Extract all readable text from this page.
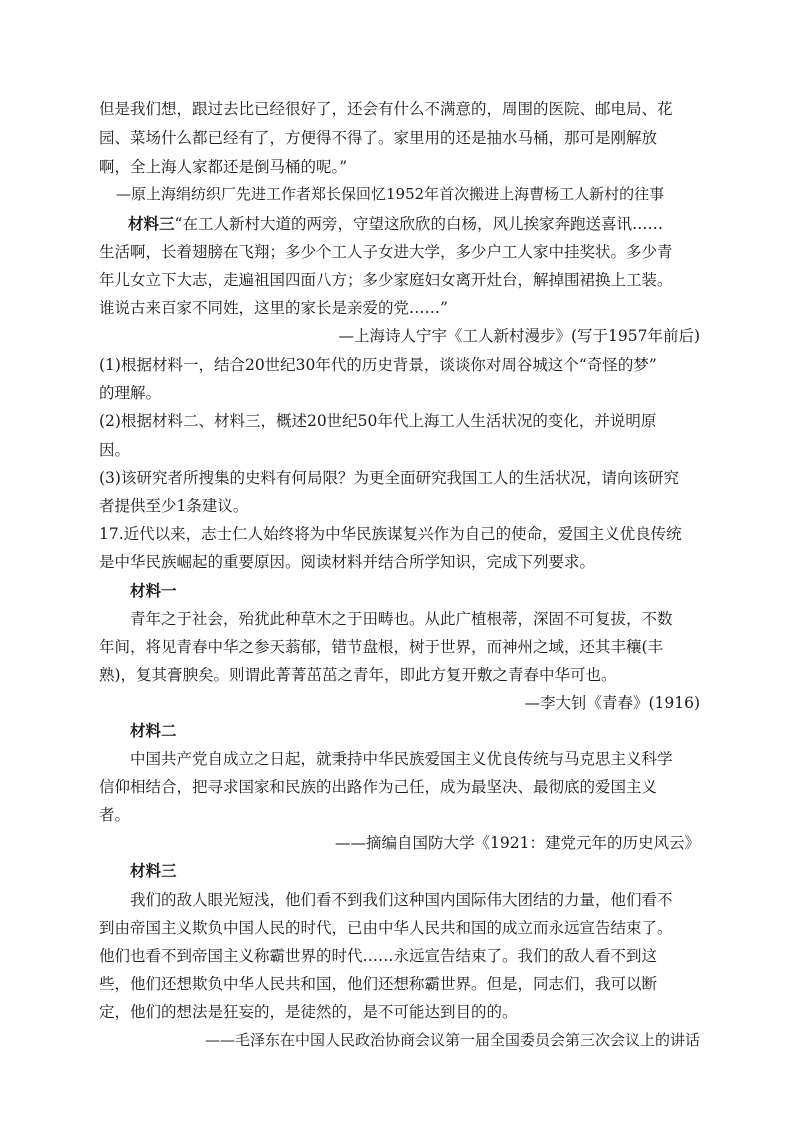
但是我们想，跟过去比已经很好了，还会有什么不满意的，周围的医院、邮电局、花
园、菜场什么都已经有了，方便得不得了。家里用的还是抽水马桶，那可是刚解放
啊，全上海人家都还是倒马桶的呢。”
—原上海绢纺织厂先进工作者郑长保回忆1952年首次搬进上海曹杨工人新村的往事
材料三“在工人新村大道的两旁，守望这欣欣的白杨，风儿挨家奔跑送喜讯……
生活啊，长着翅膀在飞翔；多少个工人子女进大学，多少户工人家中挂奖状。多少青
年儿女立下大志，走遍祖国四面八方；多少家庭妇女离开灶台，解掉围裙换上工装。
谁说古来百家不同姓，这里的家长是亲爱的党……”
—上海诗人宁宇《工人新村漫步》(写于1957年前后)
(1)根据材料一，结合20世纪30年代的历史背景，谈谈你对周谷城这个“奇怪的梦”
的理解。
(2)根据材料二、材料三，概述20世纪50年代上海工人生活状况的变化，并说明原
因。
(3)该研究者所搜集的史料有何局限？为更全面研究我国工人的生活状况，请向该研究
者提供至少1条建议。
17.近代以来，志士仁人始终将为中华民族谋复兴作为自己的使命，爱国主义优良传统
是中华民族崛起的重要原因。阅读材料并结合所学知识，完成下列要求。
材料一
青年之于社会，殆犹此种草木之于田畴也。从此广植根蒂，深固不可复拔，不数
年间，将见青春中华之参天蓊郁，错节盘根，树于世界，而神州之域，还其丰穰(丰
熟)，复其膏腴矣。则谓此菁菁茁茁之青年，即此方复开敷之青春中华可也。
—李大钊《青春》(1916)
材料二
中国共产党自成立之日起，就秉持中华民族爱国主义优良传统与马克思主义科学
信仰相结合，把寻求国家和民族的出路作为己任，成为最坚决、最彻底的爱国主义
者。
——摘编自国防大学《1921：建党元年的历史风云》
材料三
我们的敌人眼光短浅，他们看不到我们这种国内国际伟大团结的力量，他们看不
到由帝国主义欺负中国人民的时代，已由中华人民共和国的成立而永远宣告结束了。
他们也看不到帝国主义称霸世界的时代……永远宣告结束了。我们的敌人看不到这
些，他们还想欺负中华人民共和国，他们还想称霸世界。但是，同志们，我可以断
定，他们的想法是狂妄的，是徒然的，是不可能达到目的的。
——毛泽东在中国人民政治协商会议第一届全国委员会第三次会议上的讲话
